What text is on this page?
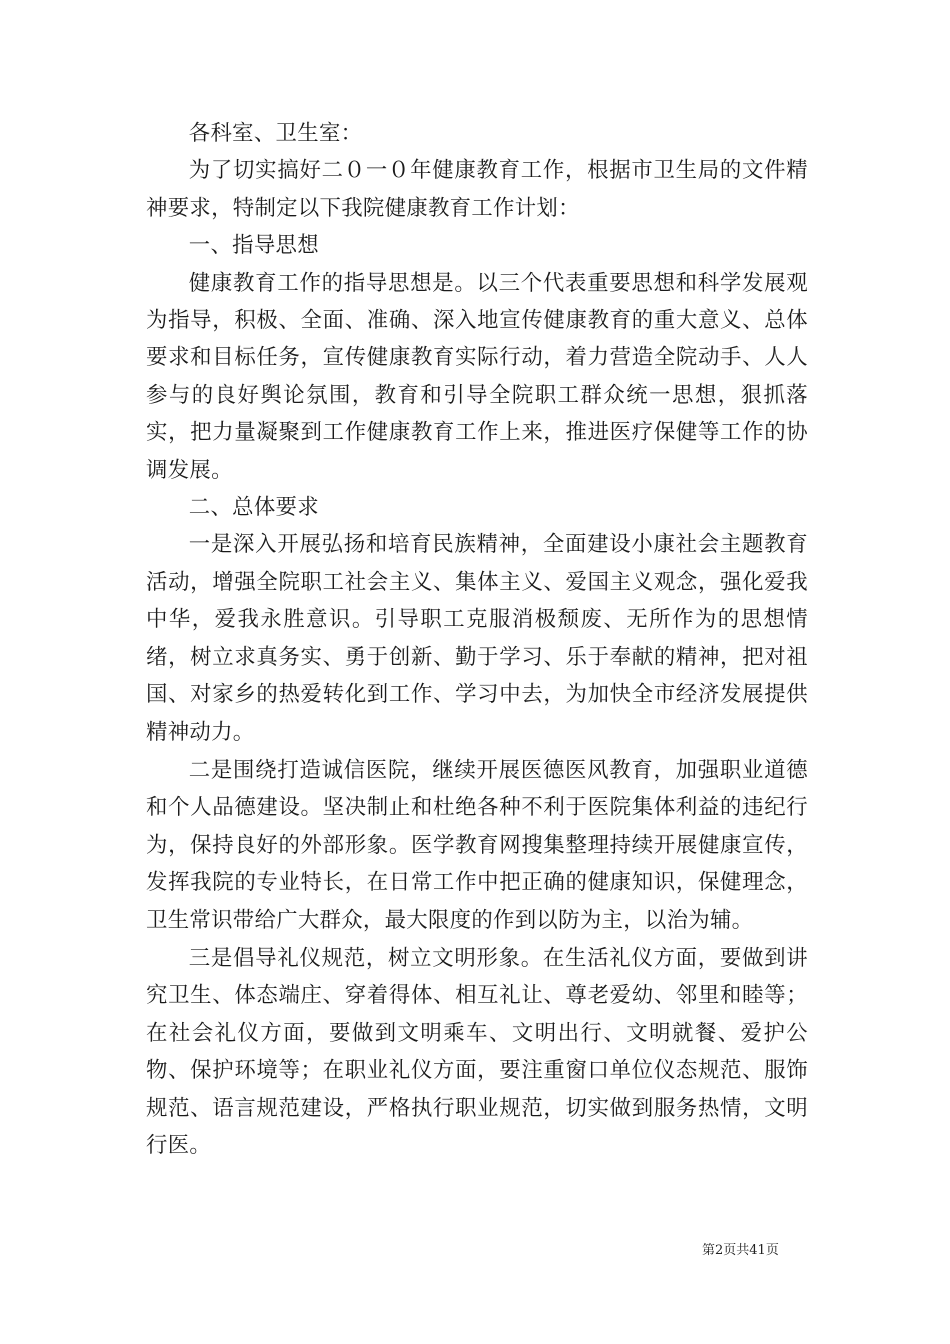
各科室、卫生室：

为了切实搞好二０一０年健康教育工作，根据市卫生局的文件精神要求，特制定以下我院健康教育工作计划：

一、指导思想

健康教育工作的指导思想是。以三个代表重要思想和科学发展观为指导，积极、全面、准确、深入地宣传健康教育的重大意义、总体要求和目标任务，宣传健康教育实际行动，着力营造全院动手、人人参与的良好舆论氛围，教育和引导全院职工群众统一思想，狠抓落实，把力量凝聚到工作健康教育工作上来，推进医疗保健等工作的协调发展。

二、总体要求

一是深入开展弘扬和培育民族精神，全面建设小康社会主题教育活动，增强全院职工社会主义、集体主义、爱国主义观念，强化爱我中华，爱我永胜意识。引导职工克服消极颓废、无所作为的思想情绪，树立求真务实、勇于创新、勤于学习、乐于奉献的精神，把对祖国、对家乡的热爱转化到工作、学习中去，为加快全市经济发展提供精神动力。

二是围绕打造诚信医院，继续开展医德医风教育，加强职业道德和个人品德建设。坚决制止和杜绝各种不利于医院集体利益的违纪行为，保持良好的外部形象。医学教育网搜集整理持续开展健康宣传，发挥我院的专业特长，在日常工作中把正确的健康知识，保健理念，卫生常识带给广大群众，最大限度的作到以防为主，以治为辅。

三是倡导礼仪规范，树立文明形象。在生活礼仪方面，要做到讲究卫生、体态端庄、穿着得体、相互礼让、尊老爱幼、邻里和睦等；在社会礼仪方面，要做到文明乘车、文明出行、文明就餐、爱护公物、保护环境等；在职业礼仪方面，要注重窗口单位仪态规范、服饰规范、语言规范建设，严格执行职业规范，切实做到服务热情，文明行医。

第2页共41页
